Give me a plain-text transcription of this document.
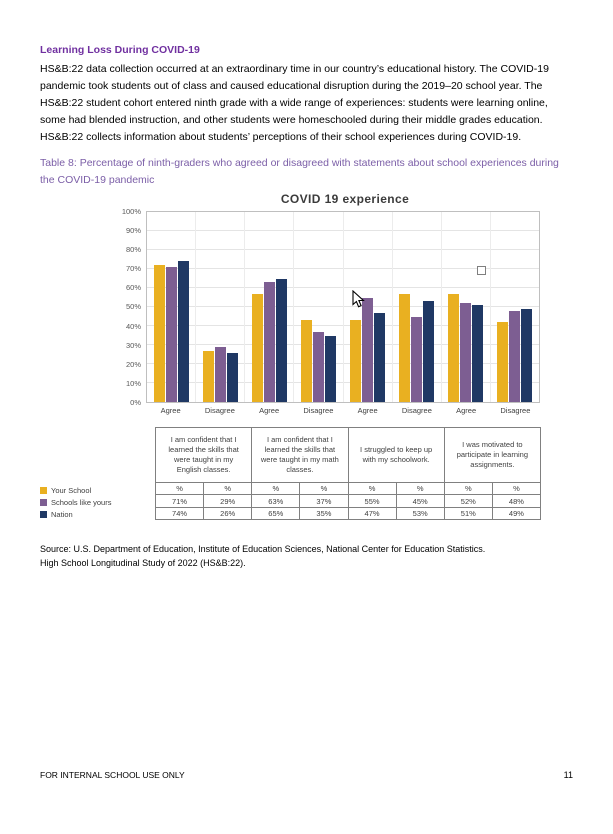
Learning Loss During COVID-19

HS&B:22 data collection occurred at an extraordinary time in our country’s educational history. The COVID-19 pandemic took students out of class and caused educational disruption during the 2019–20 school year. The HS&B:22 student cohort entered ninth grade with a wide range of experiences: students were learning online, some had blended instruction, and other students were homeschooled during their middle grades education. HS&B:22 collects information about students’ perceptions of their school experiences during COVID-19.

Table 8: Percentage of ninth-graders who agreed or disagreed with statements about school experiences during the COVID-19 pandemic

COVID 19 experience
100%
90%
80%
70%
60%
50%
40%
30%
20%
10%
0%
Agree	Disagree	Agree	Disagree	Agree	Disagree	Agree	Disagree
Your School
Schools like yours
Nation
I am confident that I learned the skills that were taught in my English classes.		I am confident that I learned the skills that were taught in my math classes.		I struggled to keep up with my schoolwork.		I was motivated to participate in learning assignments.	
%	%	%	%	%	%	%	%
71%	29%	63%	37%	55%	45%	52%	48%
74%	26%	65%	35%	47%	53%	51%	49%
Source: U.S. Department of Education, Institute of Education Sciences, National Center for Education Statistics.
High School Longitudinal Study of 2022 (HS&B:22).
FOR INTERNAL SCHOOL USE ONLY	11
